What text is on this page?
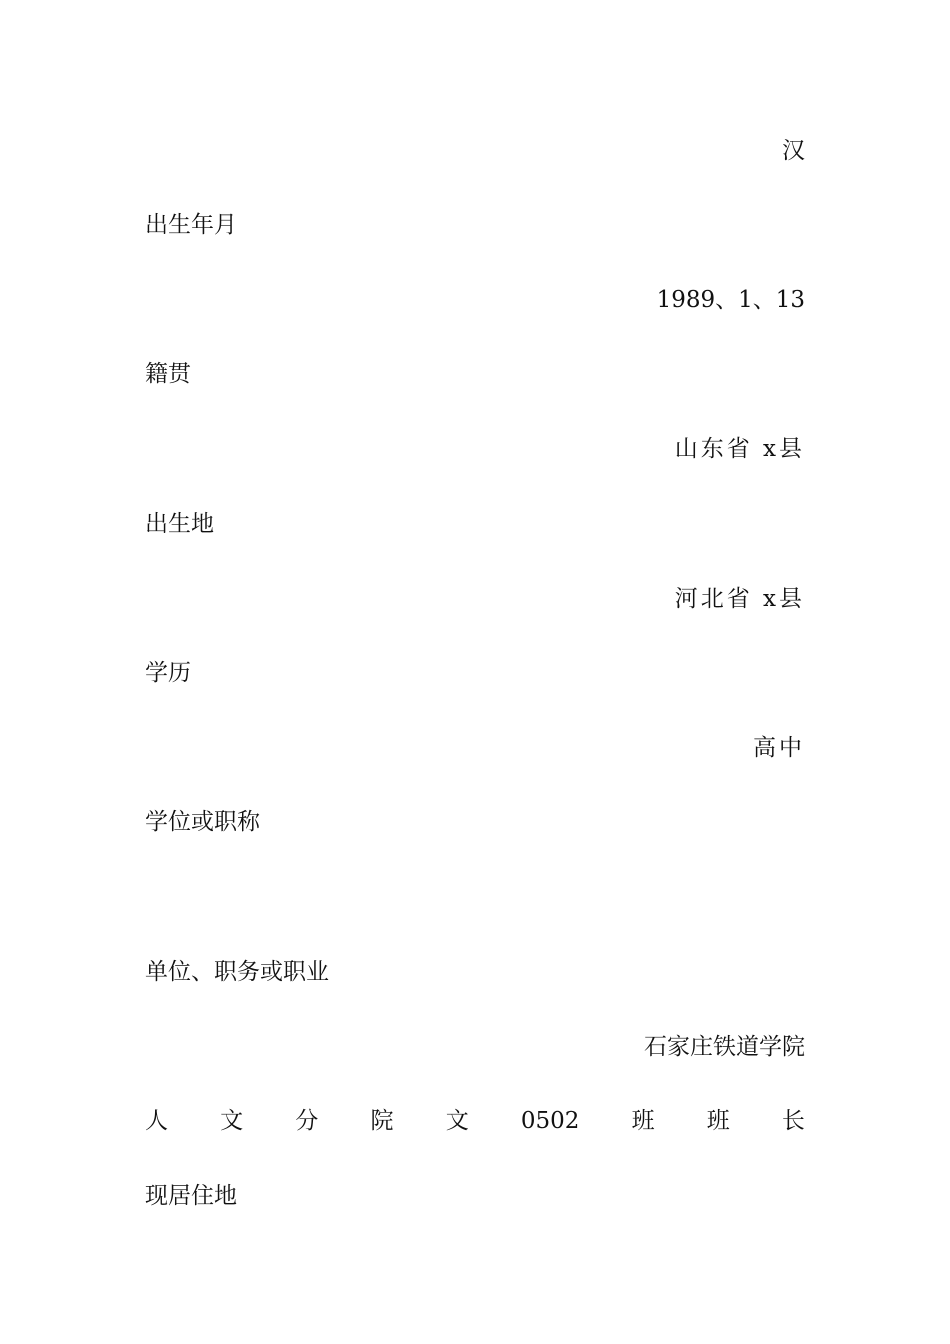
汉
出生年月
1989、1、13
籍贯
山东省 x县
出生地
河北省 x县
学历
高中
学位或职称
单位、职务或职业
石家庄铁道学院
人 文 分 院 文 0502 班 班 长
现居住地
